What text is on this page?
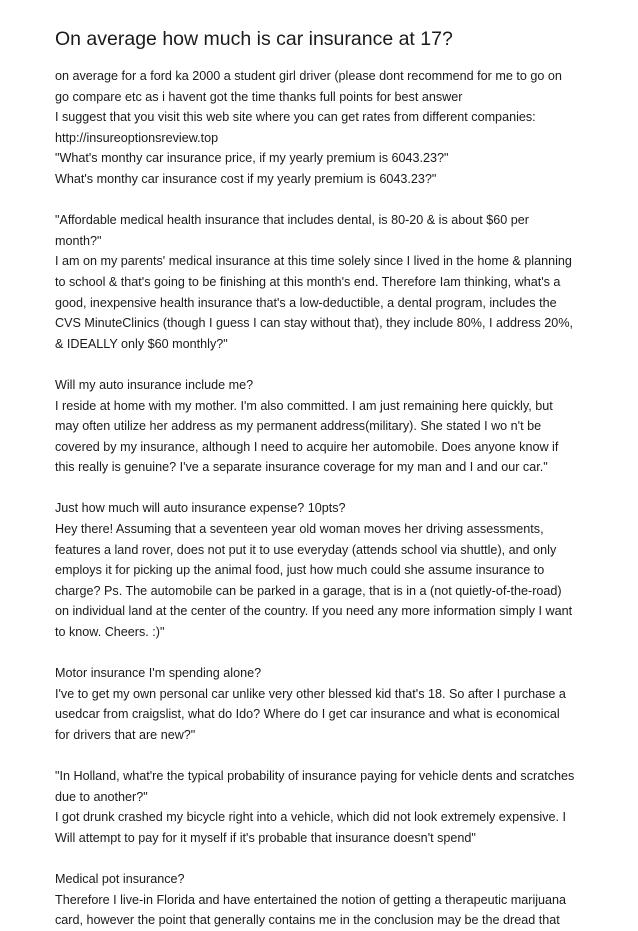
On average how much is car insurance at 17?
on average for a ford ka 2000 a student girl driver (please dont recommend for me to go on
go compare etc as i havent got the time thanks full points for best answer
I suggest that you visit this web site where you can get rates from different companies:
http://insureoptionsreview.top
"What's monthy car insurance price, if my yearly premium is 6043.23?"
What's monthy car insurance cost if my yearly premium is 6043.23?"
"Affordable medical health insurance that includes dental, is 80-20 & is about $60 per
month?"
I am on my parents' medical insurance at this time solely since I lived in the home & planning
to school & that's going to be finishing at this month's end. Therefore Iam thinking, what's a
good, inexpensive health insurance that's a low-deductible, a dental program, includes the
CVS MinuteClinics (though I guess I can stay without that), they include 80%, I address 20%,
& IDEALLY only $60 monthly?"
Will my auto insurance include me?
I reside at home with my mother. I'm also committed. I am just remaining here quickly, but
may often utilize her address as my permanent address(military). She stated I wo n't be
covered by my insurance, although I need to acquire her automobile. Does anyone know if
this really is genuine? I've a separate insurance coverage for my man and I and our car."
Just how much will auto insurance expense? 10pts?
Hey there! Assuming that a seventeen year old woman moves her driving assessments,
features a land rover, does not put it to use everyday (attends school via shuttle), and only
employs it for picking up the animal food, just how much could she assume insurance to
charge? Ps. The automobile can be parked in a garage, that is in a (not quietly-of-the-road)
on individual land at the center of the country. If you need any more information simply I want
to know. Cheers. :)"
Motor insurance I'm spending alone?
I've to get my own personal car unlike very other blessed kid that's 18. So after I purchase a
usedcar from craigslist, what do Ido? Where do I get car insurance and what is economical
for drivers that are new?"
"In Holland, what're the typical probability of insurance paying for vehicle dents and scratches
due to another?"
I got drunk crashed my bicycle right into a vehicle, which did not look extremely expensive. I
Will attempt to pay for it myself if it's probable that insurance doesn't spend"
Medical pot insurance?
Therefore I live-in Florida and have entertained the notion of getting a therapeutic marijuana
card, however the point that generally contains me in the conclusion may be the dread that
